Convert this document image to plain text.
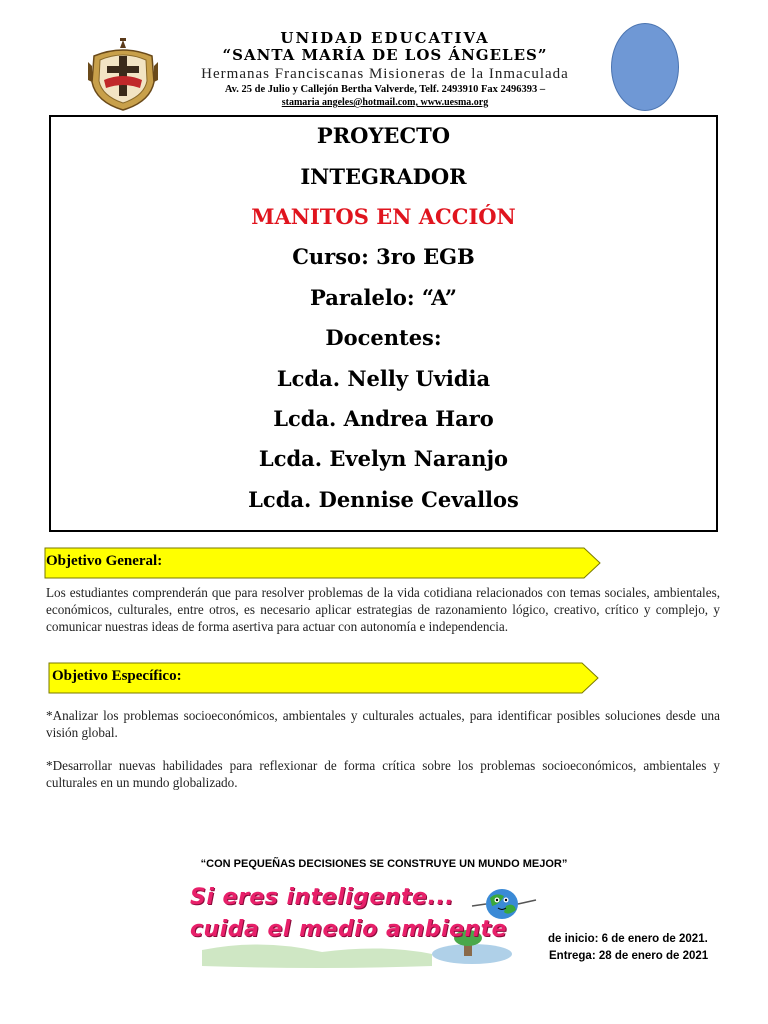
UNIDAD EDUCATIVA
“SANTA MARÍA DE LOS ÁNGELES”
Hermanas Franciscanas Misioneras de la Inmaculada
Av. 25 de Julio y Callejón Bertha Valverde, Telf. 2493910 Fax 2496393 –
stamaria angeles@hotmail.com, www.uesma.org
PROYECTO
INTEGRADOR
MANITOS EN ACCIÓN
Curso: 3ro EGB
Paralelo: “A”
Docentes:
Lcda. Nelly Uvidia
Lcda. Andrea Haro
Lcda. Evelyn Naranjo
Lcda. Dennise Cevallos
Objetivo General:
Los estudiantes comprenderán que para resolver problemas de la vida cotidiana relacionados con temas sociales, ambientales, económicos, culturales, entre otros, es necesario aplicar estrategias de razonamiento lógico, creativo, crítico y complejo, y comunicar nuestras ideas de forma asertiva para actuar con autonomía e independencia.
Objetivo Específico:
*Analizar los problemas socioeconómicos, ambientales y culturales actuales, para identificar posibles soluciones desde una visión global.
*Desarrollar nuevas habilidades para reflexionar de forma crítica sobre los problemas socioeconómicos, ambientales y culturales en un mundo globalizado.
“CON PEQUEÑAS DECISIONES SE CONSTRUYE UN MUNDO MEJOR”
Si eres inteligente...
cuida el medio ambiente	de inicio: 6 de enero de 2021.
Entrega: 28 de enero de 2021
